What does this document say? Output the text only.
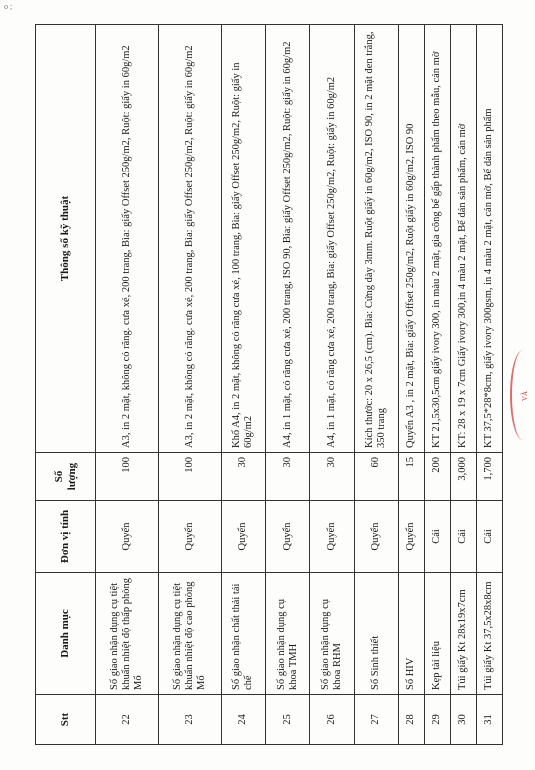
o ;
VÀ
Stt	Danh mục	Đơn vị tính	Số lượng	Thông số kỹ thuật
22	Sổ giao nhận dụng cụ tiệt khuẩn nhiệt độ thấp phòng Mổ	Quyển	100	A3, in 2 mặt, không có răng. cưa xé, 200 trang, Bìa: giấy Offset 250g/m2, Ruột: giấy in 60g/m2
23	Sổ giao nhận dụng cụ tiệt khuẩn nhiệt độ cao phòng Mổ	Quyển	100	A3, in 2 mặt, không có răng. cưa xé, 200 trang, Bìa: giấy Offset 250g/m2, Ruột: giấy in 60g/m2
24	Sổ giao nhận chất thải tái chế	Quyển	30	Khổ A4, in 2 mặt, không có răng cưa xé, 100 trang, Bìa: giấy Offset 250g/m2, Ruột: giấy in 60g/m2
25	Sổ giao nhận dụng cụ khoa TMH	Quyển	30	A4, in 1 mặt, có răng cưa xé, 200 trang, ISO 90, Bìa: giấy Offset 250g/m2, Ruột: giấy in 60g/m2
26	Sổ giao nhận dụng cụ khoa RHM	Quyển	30	A4, in 1 mặt, có răng cưa xé, 200 trang, Bìa: giấy Offset 250g/m2, Ruột: giấy in 60g/m2
27	Sổ Sinh thiết	Quyển	60	Kích thước: 20 x 26,5 (cm). Bìa: Cứng dày 3mm. Ruột giấy in 60g/m2, ISO 90, in 2 mặt đen trắng, 350 trang
28	Sổ HIV	Quyển	15	Quyển A3 , in 2 mặt, Bìa: giấy Offset 250g/m2, Ruột giấy in 60g/m2, ISO 90
29	Kẹp tài liệu	Cái	200	KT 21,5x30,5cm giấy ivory 300, in màu 2 mặt, gia công bế gấp thành phẩm theo mẫu, cán mờ
30	Túi giấy Kt 28x19x7cm	Cái	3,000	KT: 28 x 19 x 7cm Giấy ivory 300,in 4 màu 2 mặt, Bế dán sản phẩm, cán mờ
31	Túi giấy Kt 37,5x28x8cm	Cái	1,700	KT 37,5*28*8cm, giấy ivory 300gsm, in 4 màu 2 mặt, cán mờ, Bế dán sản phẩm
